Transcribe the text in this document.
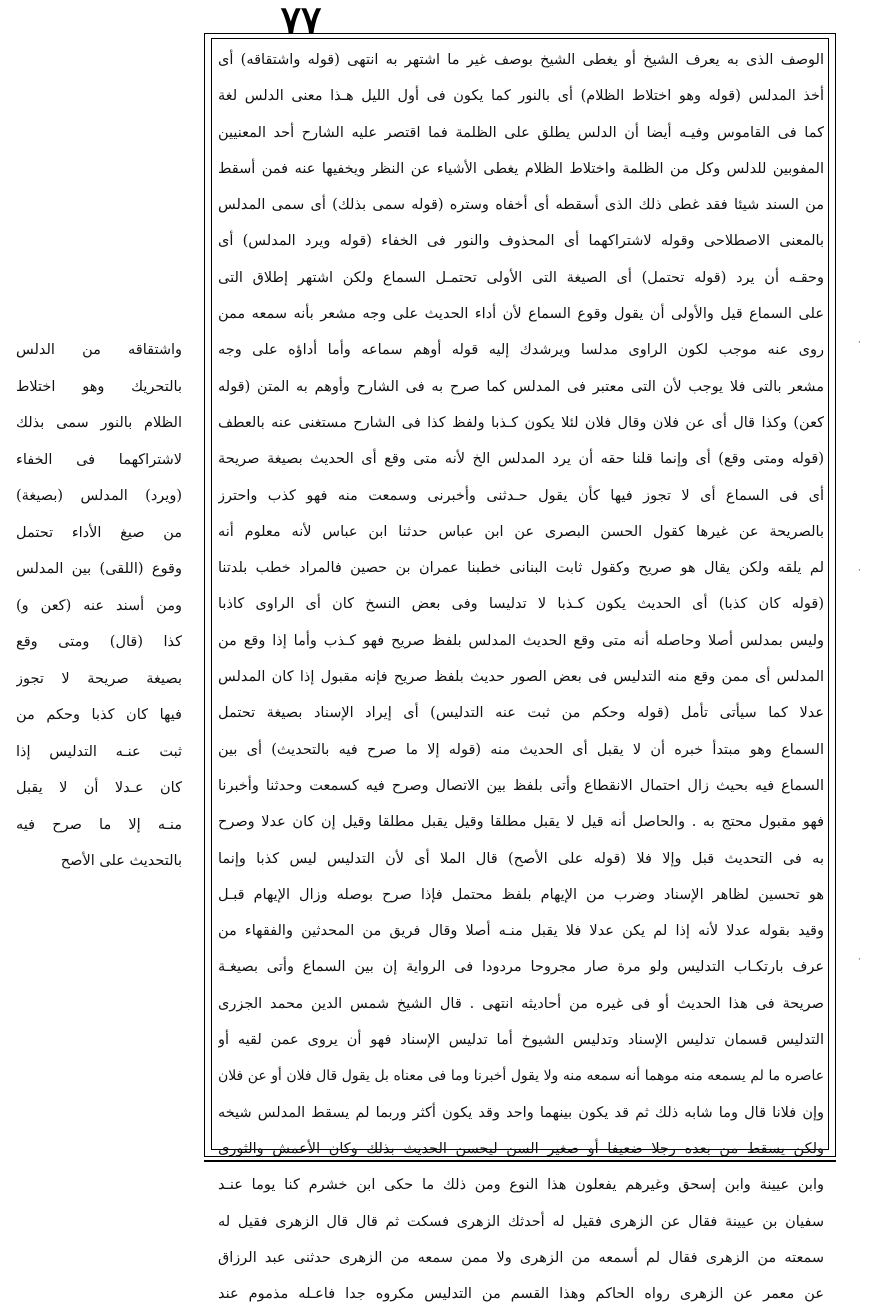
٧٧
الوصف الذى به يعرف الشيخ أو يغطى الشيخ بوصف غير ما اشتهر به انتهى (قوله واشتقاقه) أى
أخذ المدلس (قوله وهو اختلاط الظلام) أى بالنور كما يكون فى أول الليل هـذا معنى الدلس لغة
كما فى القاموس وفيـه أيضا أن الدلس يطلق على الظلمة فما اقتصر عليه الشارح أحد المعنيين
المفوبين للدلس وكل من الظلمة واختلاط الظلام يغطى الأشياء عن النظر ويخفيها عنه فمن أسقط
من السند شيئا فقد غطى ذلك الذى أسقطه أى أخفاه وستره (قوله سمى بذلك) أى سمى المدلس
بالمعنى الاصطلاحى وقوله لاشتراكهما أى المحذوف والنور فى الخفاء (قوله ويرد المدلس) أى
وحقـه أن يرد (قوله تحتمل) أى الصيغة التى الأولى تحتمـل السماع ولكن اشتهر إطلاق التى
على السماع قيل والأولى أن يقول وقوع السماع لأن أداء الحديث على وجه مشعر بأنه سمعه ممن
روى عنه موجب لكون الراوى مدلسا ويرشدك إليه قوله أوهم سماعه وأما أداؤه على وجه
مشعر بالتى فلا يوجب لأن التى معتبر فى المدلس كما صرح به فى الشارح وأوهم به المتن (قوله
كعن) وكذا قال أى عن فلان وقال فلان لئلا يكون كـذبا ولفظ كذا فى الشارح مستغنى عنه بالعطف
(قوله ومتى وقع) أى وإنما قلنا حقه أن يرد المدلس الخ لأنه متى وقع أى الحديث بصيغة صريحة
أى فى السماع أى لا تجوز فيها كأن يقول حـدثنى وأخبرنى وسمعت منه فهو كذب واحترز
بالصريحة عن غيرها كقول الحسن البصرى عن ابن عباس حدثنا ابن عباس لأنه معلوم أنه
لم يلقه ولكن يقال هو صريح وكقول ثابت البنانى خطبنا عمران بن حصين فالمراد خطب بلدتنا
(قوله كان كذبا) أى الحديث يكون كـذبا لا تدليسا وفى بعض النسخ كان أى الراوى كاذبا
وليس بمدلس أصلا وحاصله أنه متى وقع الحديث المدلس بلفظ صريح فهو كـذب وأما إذا وقع من
المدلس أى ممن وقع منه التدليس فى بعض الصور حديث بلفظ صريح فإنه مقبول إذا كان المدلس
عدلا كما سيأتى تأمل (قوله وحكم من ثبت عنه التدليس) أى إيراد الإسناد بصيغة تحتمل
السماع وهو مبتدأ خبره أن لا يقبل أى الحديث منه (قوله إلا ما صرح فيه بالتحديث) أى بين
السماع فيه بحيث زال احتمال الانقطاع وأتى بلفظ بين الاتصال وصرح فيه كسمعت وحدثنا وأخبرنا
فهو مقبول محتج به . والحاصل أنه قيل لا يقبل مطلقا وقيل يقبل مطلقا وقيل إن كان عدلا وصرح
به فى التحديث قبل وإلا فلا (قوله على الأصح) قال الملا أى لأن التدليس ليس كذبا وإنما
هو تحسين لظاهر الإسناد وضرب من الإيهام بلفظ محتمل فإذا صرح بوصله وزال الإيهام قبـل
وقيد بقوله عدلا لأنه إذا لم يكن عدلا فلا يقبل منـه أصلا وقال فريق من المحدثين والفقهاء من
عرف بارتكـاب التدليس ولو مرة صار مجروحا مردودا فى الرواية إن بين السماع وأتى بصيغـة
صريحة فى هذا الحديث أو فى غيره من أحاديثه انتهى . قال الشيخ شمس الدين محمد الجزرى
التدليس قسمان تدليس الإسناد وتدليس الشيوخ أما تدليس الإسناد فهو أن يروى عمن لقيه أو
عاصره ما لم يسمعه منه موهما أنه سمعه منه ولا يقول أخبرنا وما فى معناه بل يقول قال فلان أو عن فلان
وإن فلانا قال وما شابه ذلك ثم قد يكون بينهما واحد وقد يكون أكثر وربما لم يسقط المدلس شيخه
ولكن يسقط من بعده رجلا ضعيفا أو صغير السن ليحسن الحديث بذلك وكان الأعمش والثورى
وابن عيينة وابن إسحق وغيرهم يفعلون هذا النوع ومن ذلك ما حكى ابن خشرم كنا يوما عنـد
سفيان بن عيينة فقال عن الزهرى فقيل له أحدثك الزهرى فسكت ثم قال قال الزهرى فقيل له
سمعته من الزهرى فقال لم أسمعه من الزهرى ولا ممن سمعه من الزهرى حدثنى عبد الرزاق
عن معمر عن الزهرى رواه الحاكم وهذا القسم من التدليس مكروه جدا فاعـله مذموم عند
واشتقاقه من الدلس
بالتحريك وهو اختلاط
الظلام بالنور سمى بذلك
لاشتراكهما فى الخفاء
(ويرد) المدلس (بصيغة)
من صيغ الأداء تحتمل
وقوع (اللقى) بين المدلس
ومن أسند عنه (كعن و)
كذا (قال) ومتى وقع
بصيغة صريحة لا تجوز
فيها كان كذبا وحكم من
ثبت عنـه التدليس إذا
كان عـدلا أن لا يقبل
منـه إلا ما صرح فيه
بالتحديث على الأصح
·
·
·
